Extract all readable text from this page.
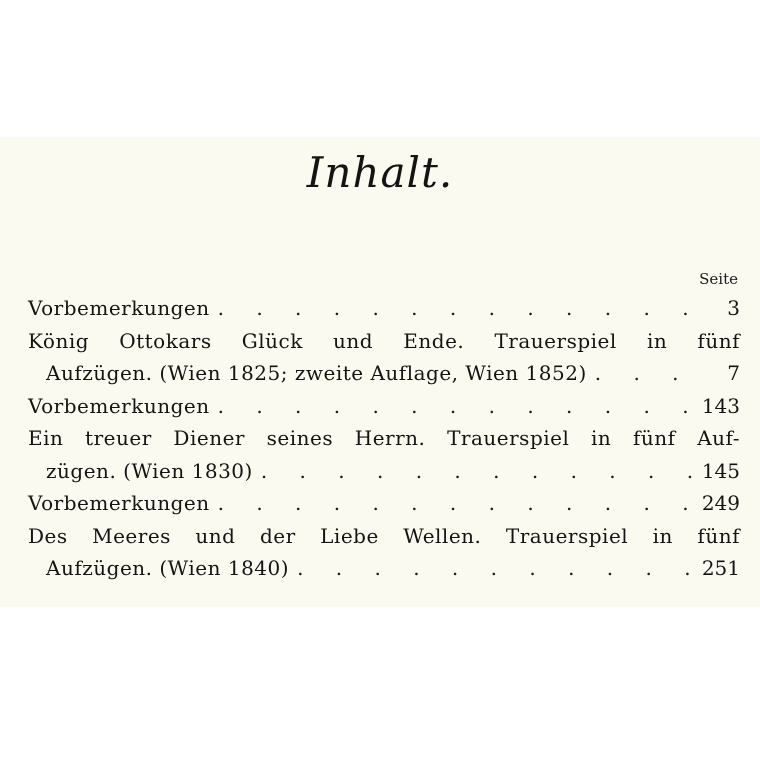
Inhalt.
Seite
Vorbemerkungen . . .	3
König Ottokars Glück und Ende. Trauerspiel in fünf
Aufzügen. (Wien 1825; zweite Auflage, Wien 1852) . . .	7
Vorbemerkungen . . .	143
Ein treuer Diener seines Herrn. Trauerspiel in fünf Auf-
zügen. (Wien 1830) . . .	145
Vorbemerkungen . . .	249
Des Meeres und der Liebe Wellen. Trauerspiel in fünf
Aufzügen. (Wien 1840) . . .	251
